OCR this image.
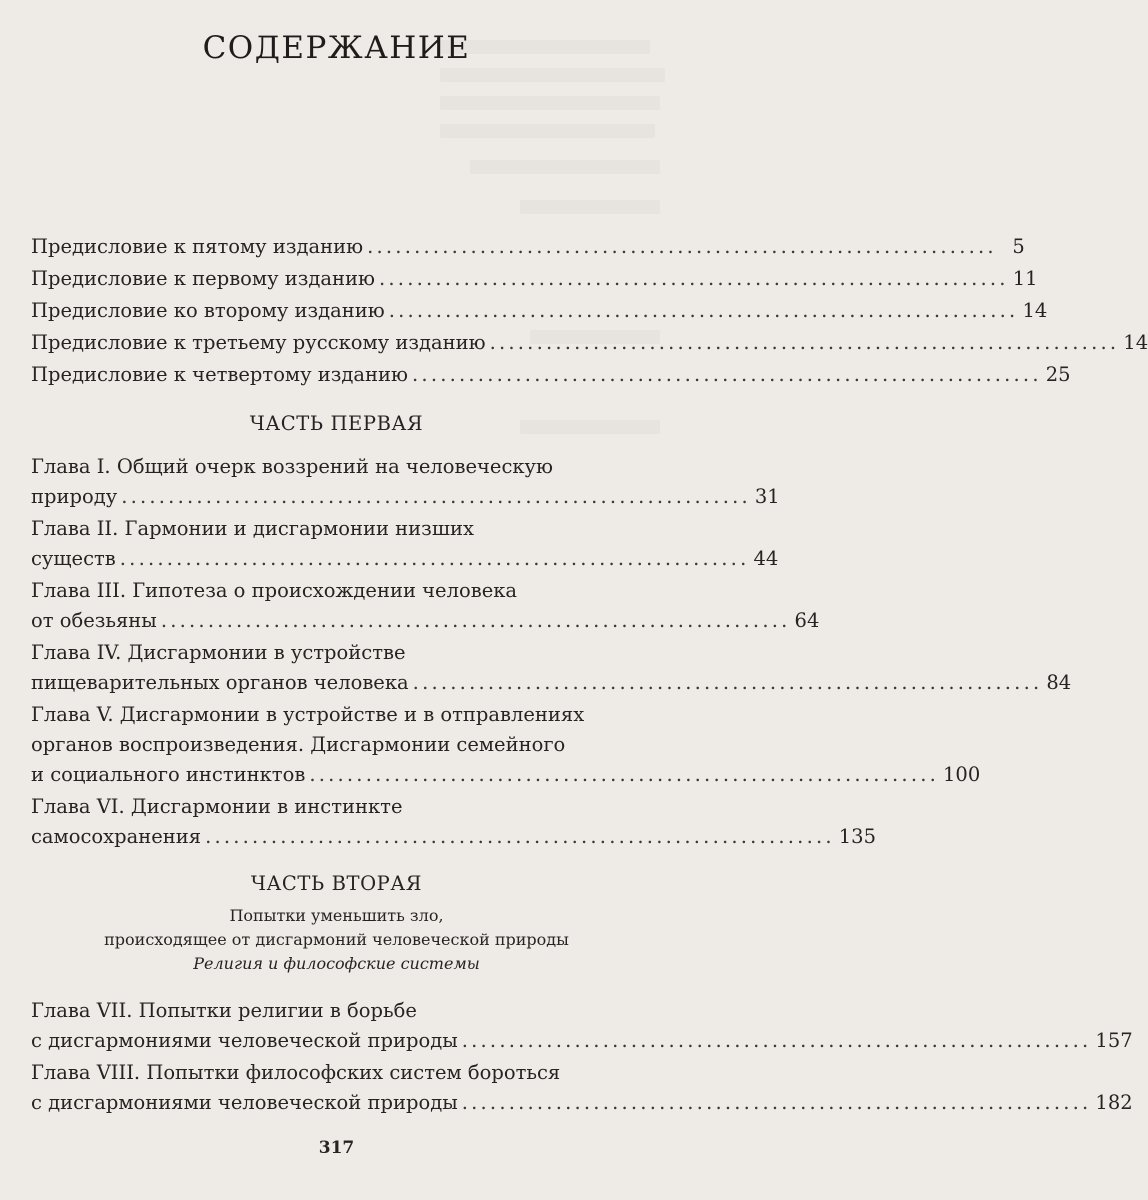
СОДЕРЖАНИЕ
Предисловие к пятому изданию ................................................................... 5
Предисловие к первому изданию ................................................................... 11
Предисловие ко второму изданию ................................................................... 14
Предисловие к третьему русскому изданию ................................................................... 14
Предисловие к четвертому изданию ................................................................... 25
ЧАСТЬ ПЕРВАЯ
Глава I. Общий очерк воззрений на человеческую
природу ................................................................... 31
Глава II. Гармонии и дисгармонии низших
существ ................................................................... 44
Глава III. Гипотеза о происхождении человека
от обезьяны ................................................................... 64
Глава IV. Дисгармонии в устройстве
пищеварительных органов человека ................................................................... 84
Глава V. Дисгармонии в устройстве и в отправлениях
органов воспроизведения. Дисгармонии семейного
и социального инстинктов ................................................................... 100
Глава VI. Дисгармонии в инстинкте
самосохранения ................................................................... 135
ЧАСТЬ ВТОРАЯ
Попытки уменьшить зло,
происходящее от дисгармоний человеческой природы
Религия и философские системы
Глава VII. Попытки религии в борьбе
с дисгармониями человеческой природы ................................................................... 157
Глава VIII. Попытки философских систем бороться
с дисгармониями человеческой природы ................................................................... 182
317
